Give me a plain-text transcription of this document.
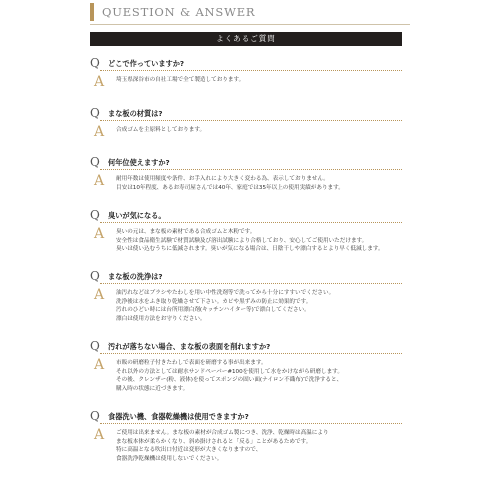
QUESTION & ANSWER
よくあるご質問
Q どこで作っていますか?
A 埼玉県深谷市の自社工場で全て製造しております。
Q まな板の材質は?
A 合成ゴムを主原料としております。
Q 何年位使えますか?
A 耐用年数は使用頻度や条件、お手入れにより大きく変わる為、表示しておりません。
目安は10年程度、あるお寿司屋さんでは40年、家庭では35年以上の使用実績があります。
Q 臭いが気になる。
A 臭いの元は、まな板の素材である合成ゴムと木粉です。
安全性は食品衛生試験で材質試験及び溶出試験により合格しており、安心してご使用いただけます。
臭いは使い込むうちに低減されます。臭いが気になる場合は、日陰干しや漂白するとより早く低減します。
Q まな板の洗浄は?
A 油汚れなどはブラシやたわしを用い中性洗剤等で洗ってから十分にすすいでください。
洗浄後は水をふき取り乾燥させて下さい。カビや黒ずみの防止に効果的です。
汚れのひどい時には台所用漂白剤(キッチンハイター等)で漂白してください。
漂白は使用方法をお守りください。
Q 汚れが落ちない場合、まな板の表面を削れますか?
A 市販の研磨粒子付きたわしで表面を研磨する事が出来ます。
それ以外の方法としては耐水サンドペーパー#100を使用して水をかけながら研磨します。
その後、クレンザー(粉、液体)を使ってスポンジの固い面(ナイロン不織布)で洗浄すると、
購入時の状態に近づきます。
Q 食器洗い機、食器乾燥機は使用できますか?
A ご使用は出来ません。まな板の素材が合成ゴム製につき、洗浄、乾燥時は高温により
まな板本体が柔らかくなり、斜め掛けされると「反る」ことがあるためです。
特に高温となる吹出口付近は変形が大きくなりますので、
食器洗浄乾燥機は使用しないでください。
